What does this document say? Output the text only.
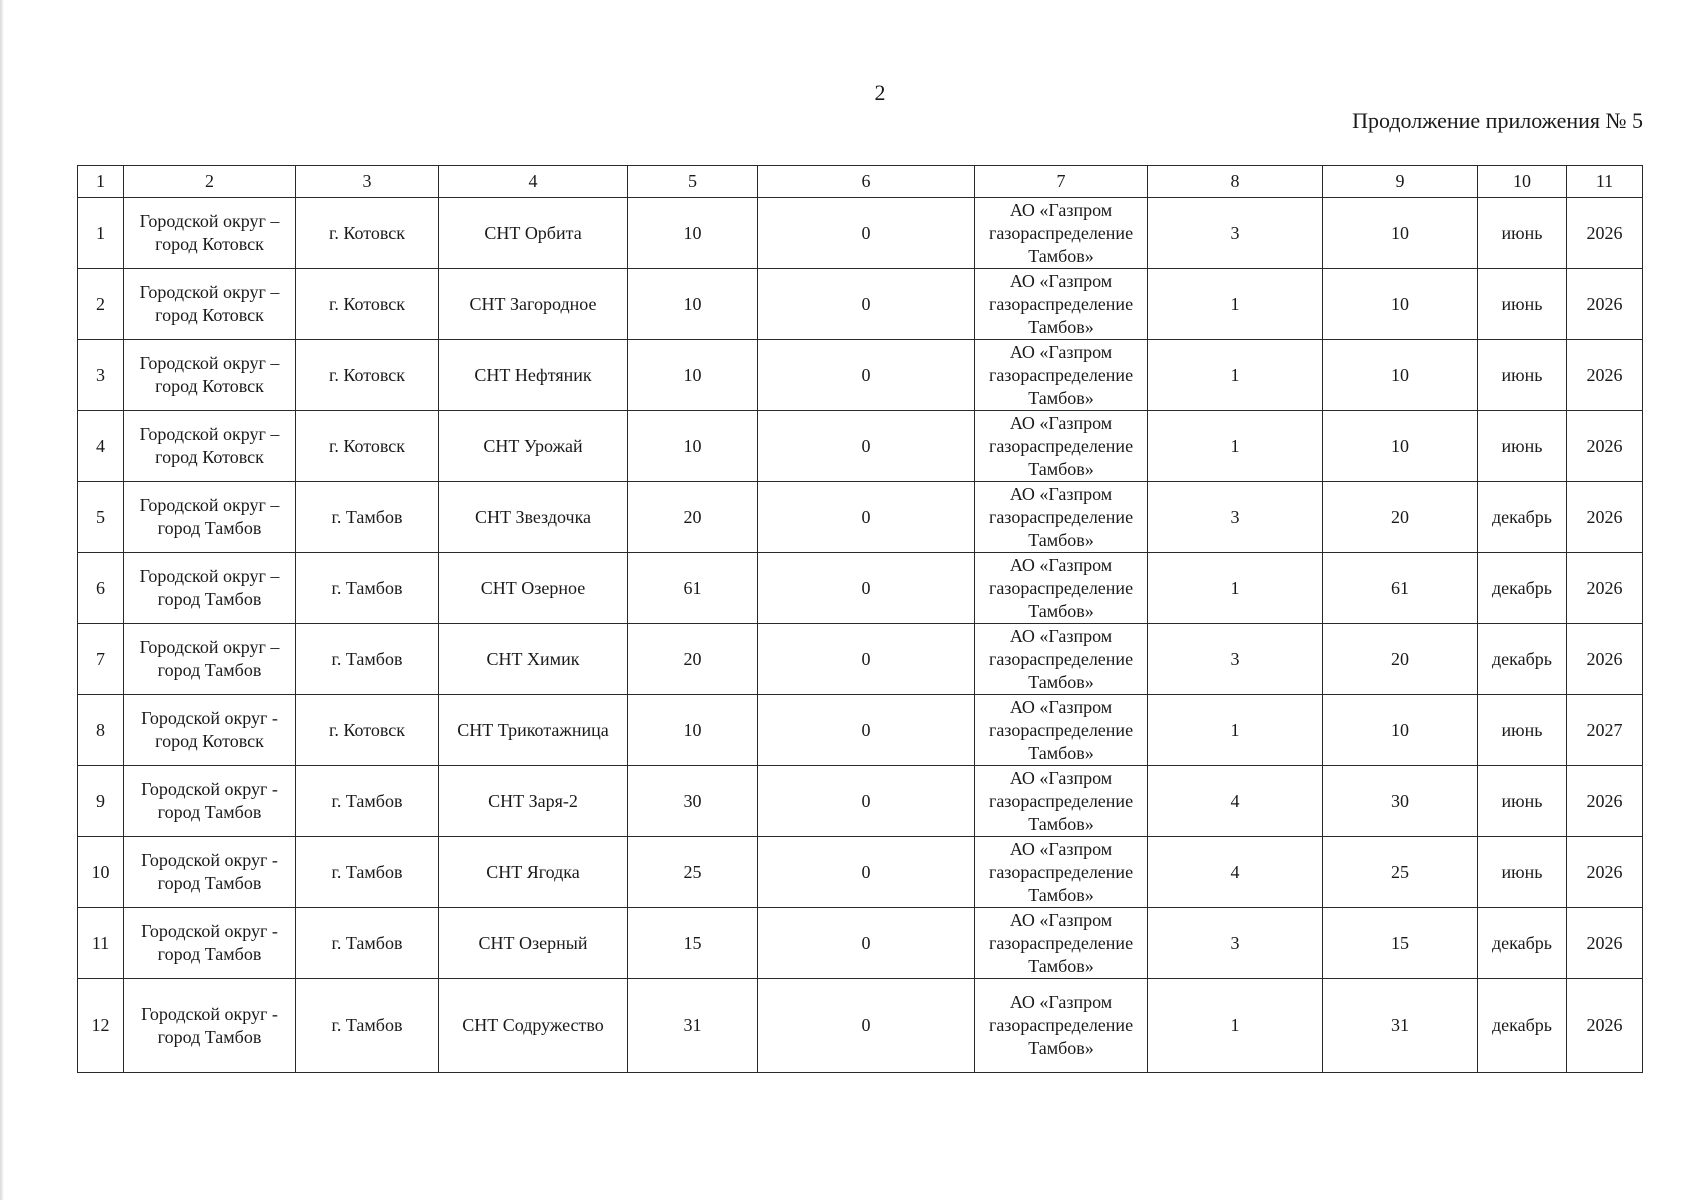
2
Продолжение приложения № 5
1	2	3	4	5	6	7	8	9	10	11
1	Городской округ – город Котовск	г. Котовск	СНТ Орбита	10	0	АО «Газпром газораспределение Тамбов»	3	10	июнь	2026
2	Городской округ – город Котовск	г. Котовск	СНТ Загородное	10	0	АО «Газпром газораспределение Тамбов»	1	10	июнь	2026
3	Городской округ – город Котовск	г. Котовск	СНТ Нефтяник	10	0	АО «Газпром газораспределение Тамбов»	1	10	июнь	2026
4	Городской округ – город Котовск	г. Котовск	СНТ Урожай	10	0	АО «Газпром газораспределение Тамбов»	1	10	июнь	2026
5	Городской округ – город Тамбов	г. Тамбов	СНТ Звездочка	20	0	АО «Газпром газораспределение Тамбов»	3	20	декабрь	2026
6	Городской округ – город Тамбов	г. Тамбов	СНТ Озерное	61	0	АО «Газпром газораспределение Тамбов»	1	61	декабрь	2026
7	Городской округ – город Тамбов	г. Тамбов	СНТ Химик	20	0	АО «Газпром газораспределение Тамбов»	3	20	декабрь	2026
8	Городской округ - город Котовск	г. Котовск	СНТ Трикотажница	10	0	АО «Газпром газораспределение Тамбов»	1	10	июнь	2027
9	Городской округ - город Тамбов	г. Тамбов	СНТ Заря-2	30	0	АО «Газпром газораспределение Тамбов»	4	30	июнь	2026
10	Городской округ - город Тамбов	г. Тамбов	СНТ Ягодка	25	0	АО «Газпром газораспределение Тамбов»	4	25	июнь	2026
11	Городской округ - город Тамбов	г. Тамбов	СНТ Озерный	15	0	АО «Газпром газораспределение Тамбов»	3	15	декабрь	2026
12	Городской округ - город Тамбов	г. Тамбов	СНТ Содружество	31	0	АО «Газпром газораспределение Тамбов»	1	31	декабрь	2026
